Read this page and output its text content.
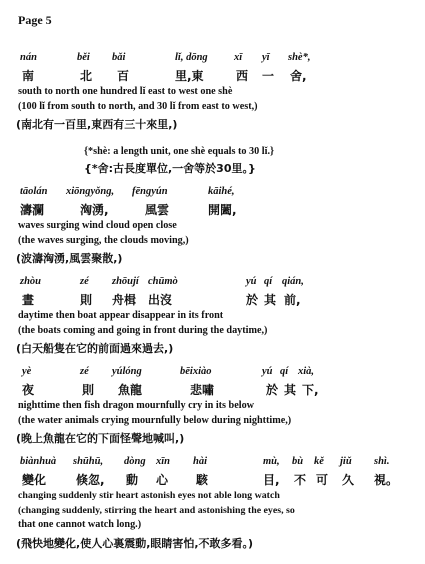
Page 5
nán	běi bǎi	lǐ, dōng	xī yī shè*,
南	北 百	里,東	西 一 舍,
south to north one hundred lǐ east to west one shè
(100 lǐ from south to north, and 30 lǐ from east to west,)
(南北有一百里,東西有三十來里,)
{*shè: a length unit, one shè equals to 30 lǐ.}
{*舍:古長度單位,一舍等於30里。}
tāolán xiōngyǒng, fēngyún	kāihé,
濤瀾	洶湧,	風雲	開闔,
waves surging wind cloud open close
(the waves surging, the clouds moving,)
(波濤洶湧,風雲聚散,)
zhòu	zé zhōují chūmò	yú qí qián,
晝	則 舟楫 出沒	於 其 前,
daytime then boat appear disappear in its front
(the boats coming and going in front during the daytime,)
(白天船隻在它的前面過來過去,)
yè	zé yúlóng	bēixiào	yú qí xià,
夜	則 魚龍	悲嘯	於 其 下,
nighttime then fish dragon mournfully cry in its below
(the water animals crying mournfully below during nighttime,)
(晚上魚龍在它的下面怪聲地喊叫,)
biànhuà shūhū, dòng xīn hài	mù, bù kě jiǔ shì.
變化 倏忽, 動 心 駭	目, 不 可 久 視。
changing suddenly stir heart astonish eyes not able long watch
(changing suddenly, stirring the heart and astonishing the eyes, so
that one cannot watch long.)
(飛快地變化,使人心裏震動,眼睛害怕,不敢多看。)
